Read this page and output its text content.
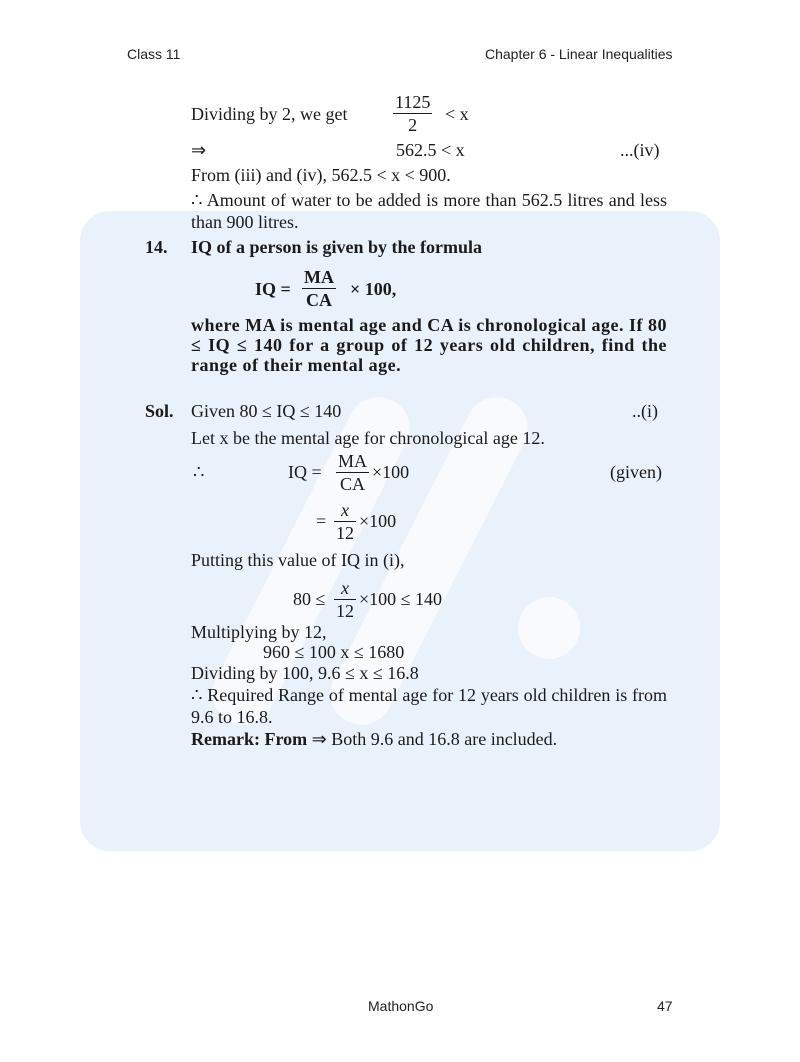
Class 11	Chapter 6 - Linear Inequalities
Dividing by 2, we get	$\frac{1125}{2} < x$
⇒	562.5 < x	...(iv)
From (iii) and (iv), 562.5 < x < 900.
∴ Amount of water to be added is more than 562.5 litres and less than 900 litres.
14. IQ of a person is given by the formula
IQ = $\frac{MA}{CA} \times 100$,
where MA is mental age and CA is chronological age. If 80 ≤ IQ ≤ 140 for a group of 12 years old children, find the range of their mental age.
Sol. Given 80 ≤ IQ ≤ 140	..(i)
Let x be the mental age for chronological age 12.
∴	IQ = $\frac{MA}{CA} \times 100$	(given)
= $\frac{x}{12} \times 100$
Putting this value of IQ in (i),
$80 \le \frac{x}{12} \times 100 \le 140$
Multiplying by 12,
960 ≤ 100 x ≤ 1680
Dividing by 100, 9.6 ≤ x ≤ 16.8
∴ Required Range of mental age for 12 years old children is from 9.6 to 16.8.
Remark: From ⇒ Both 9.6 and 16.8 are included.
MathonGo	47
